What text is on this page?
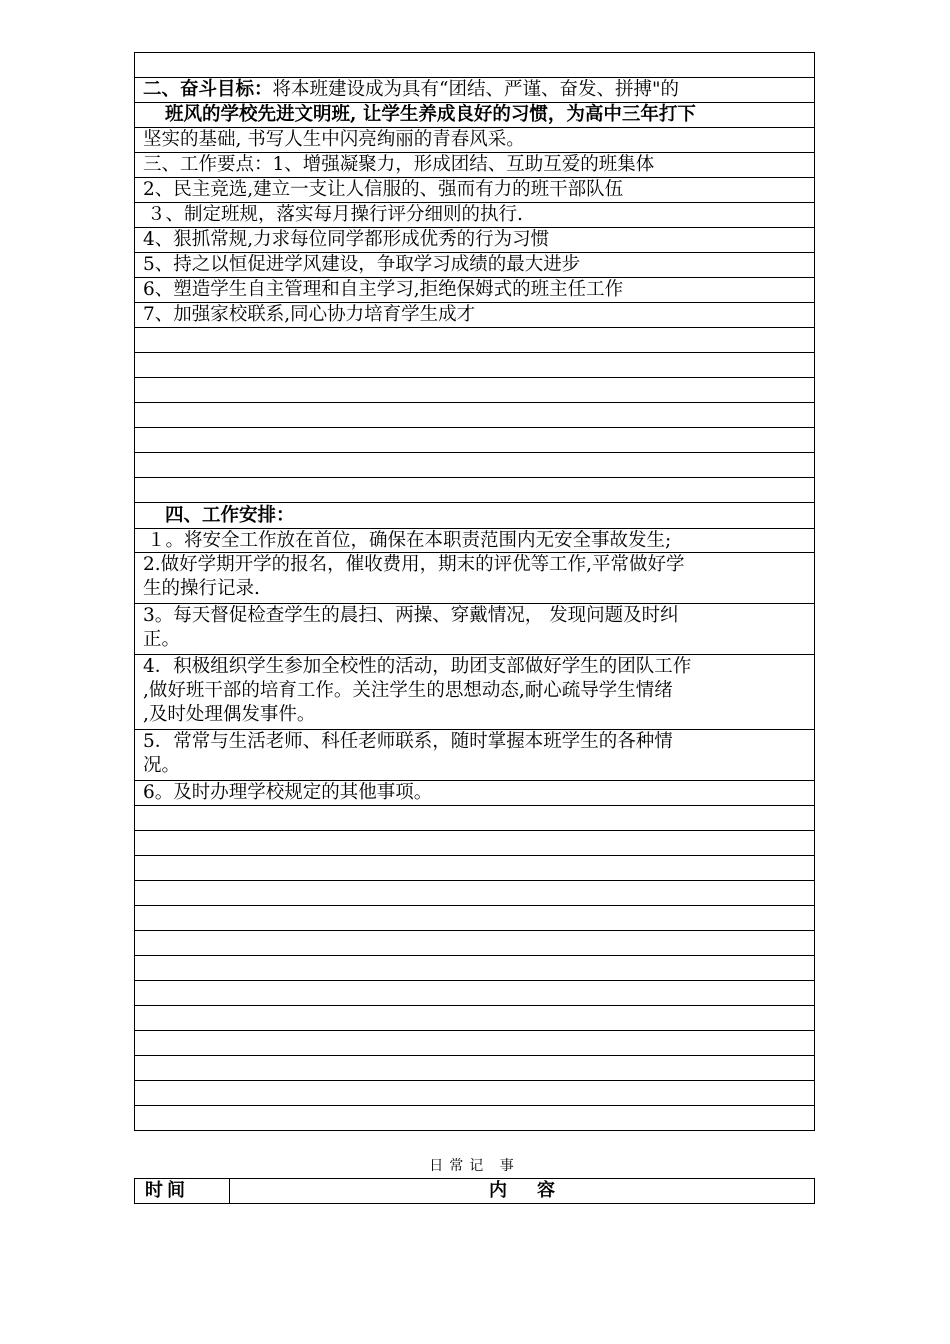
二、奋斗目标：将本班建设成为具有“团结、严谨、奋发、拼搏"的
班风的学校先进文明班, 让学生养成良好的习惯，为高中三年打下
坚实的基础, 书写人生中闪亮绚丽的青春风采。
三、工作要点：1、增强凝聚力，形成团结、互助互爱的班集体
2、民主竞选,建立一支让人信服的、强而有力的班干部队伍
３、制定班规，落实每月操行评分细则的执行.
4、狠抓常规,力求每位同学都形成优秀的行为习惯
5、持之以恒促进学风建设，争取学习成绩的最大进步
6、塑造学生自主管理和自主学习,拒绝保姆式的班主任工作
7、加强家校联系,同心协力培育学生成才
四、工作安排：
１。将安全工作放在首位，确保在本职责范围内无安全事故发生;
2.做好学期开学的报名，催收费用，期末的评优等工作,平常做好学
生的操行记录.
3。每天督促检查学生的晨扫、两操、穿戴情况， 发现问题及时纠
正。
4．积极组织学生参加全校性的活动，助团支部做好学生的团队工作
,做好班干部的培育工作。关注学生的思想动态,耐心疏导学生情绪
,及时处理偶发事件。
5．常常与生活老师、科任老师联系，随时掌握本班学生的各种情
况。
6。及时办理学校规定的其他事项。
日常记 事
时间	内 容
